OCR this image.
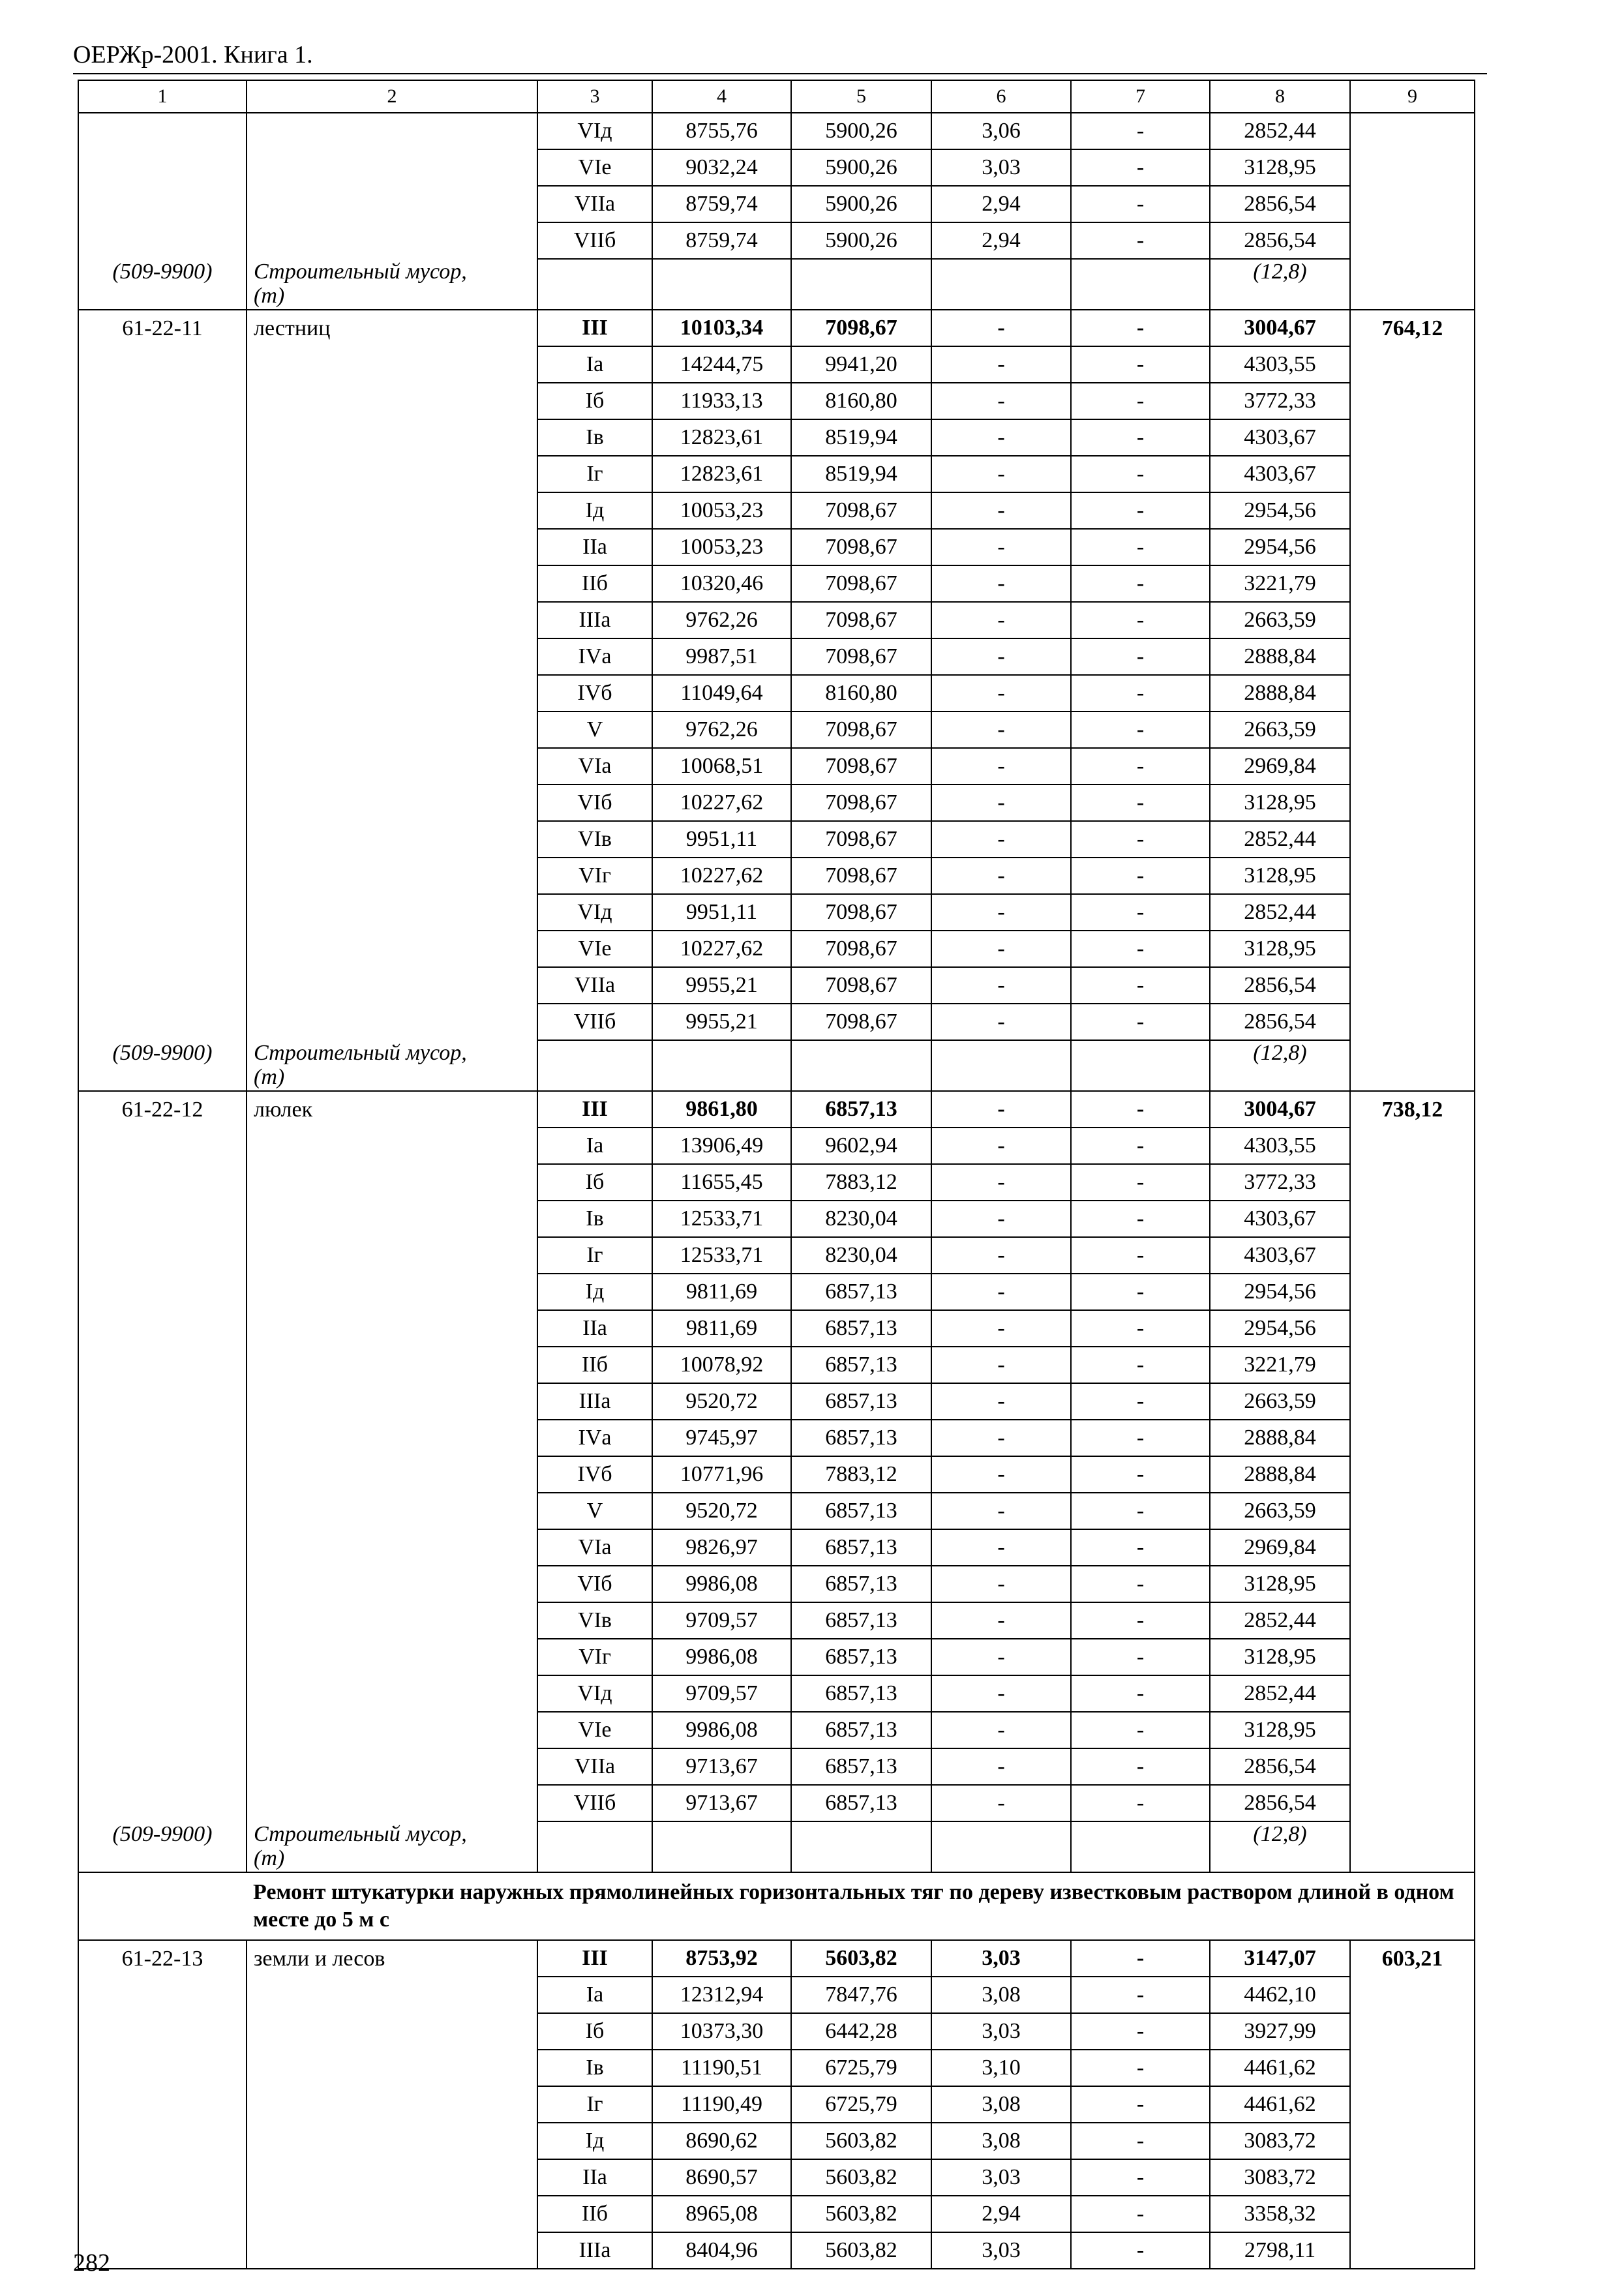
ОЕРЖр-2001. Книга 1.
1	2	3	4	5	6	7	8	9
		VIд	8755,76	5900,26	3,06	-	2852,44	
		VIе	9032,24	5900,26	3,03	-	3128,95	
		VIIа	8759,74	5900,26	2,94	-	2856,54	
		VIIб	8759,74	5900,26	2,94	-	2856,54	
(509-9900)	Строительный мусор,						(12,8)	
	(т)							
61-22-11	лестниц	III	10103,34	7098,67	-	-	3004,67	764,12
		Iа	14244,75	9941,20	-	-	4303,55	
		Iб	11933,13	8160,80	-	-	3772,33	
		Iв	12823,61	8519,94	-	-	4303,67	
		Iг	12823,61	8519,94	-	-	4303,67	
		Iд	10053,23	7098,67	-	-	2954,56	
		IIа	10053,23	7098,67	-	-	2954,56	
		IIб	10320,46	7098,67	-	-	3221,79	
		IIIа	9762,26	7098,67	-	-	2663,59	
		IVа	9987,51	7098,67	-	-	2888,84	
		IVб	11049,64	8160,80	-	-	2888,84	
		V	9762,26	7098,67	-	-	2663,59	
		VIа	10068,51	7098,67	-	-	2969,84	
		VIб	10227,62	7098,67	-	-	3128,95	
		VIв	9951,11	7098,67	-	-	2852,44	
		VIг	10227,62	7098,67	-	-	3128,95	
		VIд	9951,11	7098,67	-	-	2852,44	
		VIе	10227,62	7098,67	-	-	3128,95	
		VIIа	9955,21	7098,67	-	-	2856,54	
		VIIб	9955,21	7098,67	-	-	2856,54	
(509-9900)	Строительный мусор,						(12,8)	
	(т)							
61-22-12	люлек	III	9861,80	6857,13	-	-	3004,67	738,12
		Iа	13906,49	9602,94	-	-	4303,55	
		Iб	11655,45	7883,12	-	-	3772,33	
		Iв	12533,71	8230,04	-	-	4303,67	
		Iг	12533,71	8230,04	-	-	4303,67	
		Iд	9811,69	6857,13	-	-	2954,56	
		IIа	9811,69	6857,13	-	-	2954,56	
		IIб	10078,92	6857,13	-	-	3221,79	
		IIIа	9520,72	6857,13	-	-	2663,59	
		IVа	9745,97	6857,13	-	-	2888,84	
		IVб	10771,96	7883,12	-	-	2888,84	
		V	9520,72	6857,13	-	-	2663,59	
		VIа	9826,97	6857,13	-	-	2969,84	
		VIб	9986,08	6857,13	-	-	3128,95	
		VIв	9709,57	6857,13	-	-	2852,44	
		VIг	9986,08	6857,13	-	-	3128,95	
		VIд	9709,57	6857,13	-	-	2852,44	
		VIе	9986,08	6857,13	-	-	3128,95	
		VIIа	9713,67	6857,13	-	-	2856,54	
		VIIб	9713,67	6857,13	-	-	2856,54	
(509-9900)	Строительный мусор,						(12,8)	
	(т)							
	Ремонт штукатурки наружных прямолинейных горизонтальных тяг по дереву известковым раствором длиной в одном месте до 5 м с							
61-22-13	земли и лесов	III	8753,92	5603,82	3,03	-	3147,07	603,21
		Iа	12312,94	7847,76	3,08	-	4462,10	
		Iб	10373,30	6442,28	3,03	-	3927,99	
		Iв	11190,51	6725,79	3,10	-	4461,62	
		Iг	11190,49	6725,79	3,08	-	4461,62	
		Iд	8690,62	5603,82	3,08	-	3083,72	
		IIа	8690,57	5603,82	3,03	-	3083,72	
		IIб	8965,08	5603,82	2,94	-	3358,32	
		IIIа	8404,96	5603,82	3,03	-	2798,11	
282
